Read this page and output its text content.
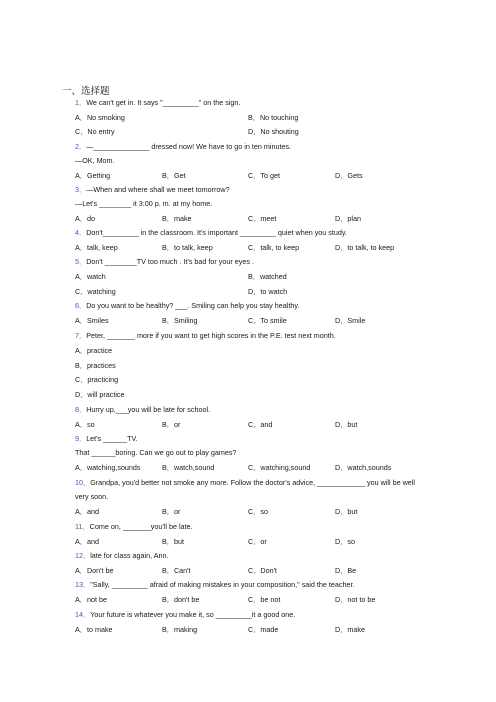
一、选择题
1．We can't get in. It says "_________" on the sign.
A．No smoking	B．No touching
C．No entry	D．No shouting
2．—______________ dressed now! We have to go in ten minutes.
—OK, Mom.
A．Getting	B．Get	C．To get	D．Gets
3．—When and where shall we meet tomorrow?
—Let's ________ it 3:00 p. m. at my home.
A．do	B．make	C．meet	D．plan
4．Don't_________ in the classroom. It's important _________ quiet when you study.
A．talk, keep	B．to talk, keep	C．talk, to keep	D．to talk, to keep
5．Don't ________TV too much . It's bad for your eyes .
A．watch	B．watched
C．watching	D．to watch
6．Do you want to be healthy? ___. Smiling can help you stay healthy.
A．Smiles	B．Smiling	C．To smile	D．Smile
7．Peter, _______ more if you want to get high scores in the P.E. test next month.
A．practice
B．practices
C．practicing
D．will practice
8．Hurry up,___you will be late for school.
A．so	B．or	C．and	D．but
9．Let's ______TV.
That ______boring. Can we go out to play games?
A．watching,sounds	B．watch,sound	C．watching,sound	D．watch,sounds
10．Grandpa, you'd better not smoke any more. Follow the doctor's advice, ____________ you will be well very soon.
A．and	B．or	C．so	D．but
11．Come on, _______you'll be late.
A．and	B．but	C．or	D．so
12．late for class again, Ann.
A．Don't be	B．Can't	C．Don't	D．Be
13．"Sally, _________ afraid of making mistakes in your composition," said the teacher.
A．not be	B．don't be	C．be not	D．not to be
14．Your future is whatever you make it, so _________it a good one.
A．to make	B．making	C．made	D．make
